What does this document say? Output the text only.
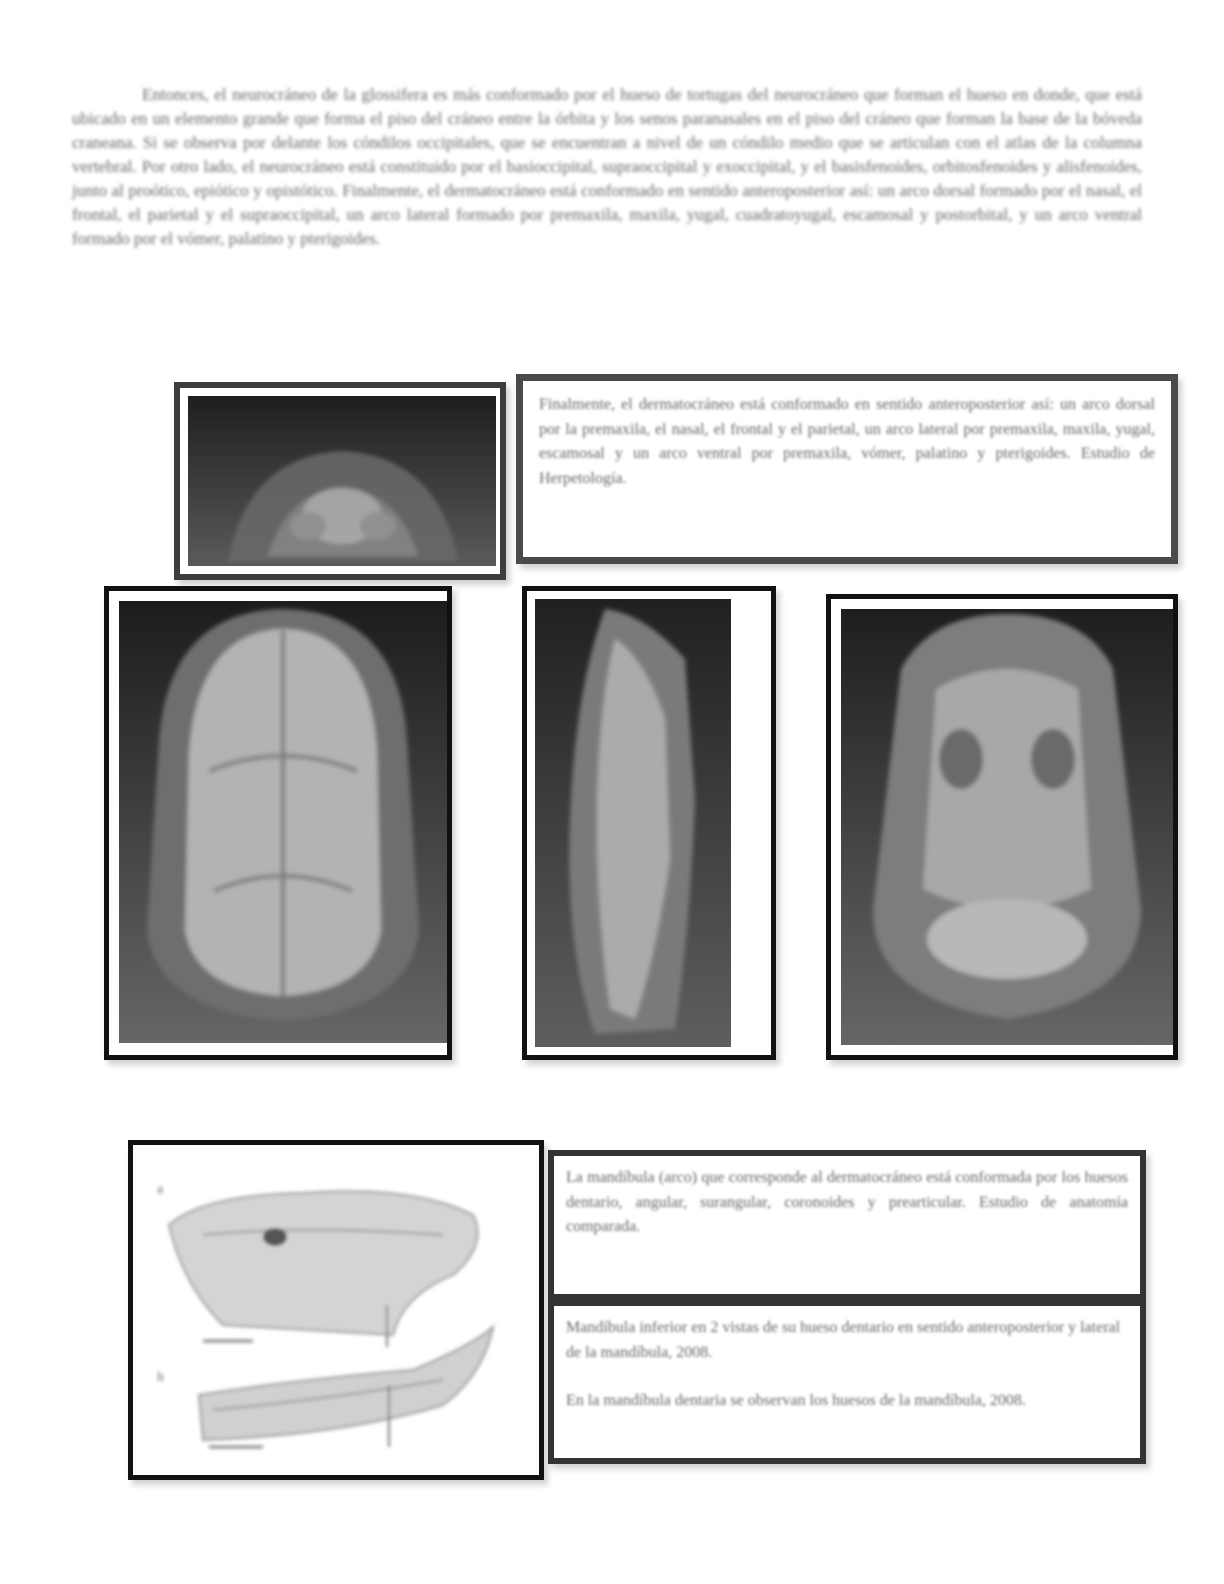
Entonces, el neurocráneo de la glossifera es más conformado por el hueso de tortugas del neurocráneo que forman el hueso en donde, que está ubicado en un elemento grande que forma el piso del cráneo entre la órbita y los senos paranasales en el piso del cráneo que forman la base de la bóveda craneana. Si se observa por delante los cóndilos occipitales, que se encuentran a nivel de un cóndilo medio que se articulan con el atlas de la columna vertebral. Por otro lado, el neurocráneo está constituido por el basioccipital, supraoccipital y exoccipital, y el basisfenoides, orbitosfenoides y alisfenoides, junto al proótico, epiótico y opistótico. Finalmente, el dermatocráneo está conformado en sentido anteroposterior así: un arco dorsal formado por el nasal, el frontal, el parietal y el supraoccipital, un arco lateral formado por premaxila, maxila, yugal, cuadratoyugal, escamosal y postorbital, y un arco ventral formado por el vómer, palatino y pterigoides.

Finalmente, el dermatocráneo está conformado en sentido anteroposterior así: un arco dorsal por la premaxila, el nasal, el frontal y el parietal, un arco lateral por premaxila, maxila, yugal, escamosal y un arco ventral por premaxila, vómer, palatino y pterigoides. Estudio de Herpetología.

a
b

La mandíbula (arco) que corresponde al dermatocráneo está conformada por los huesos dentario, angular, surangular, coronoides y prearticular. Estudio de anatomía comparada.

Mandíbula inferior en 2 vistas de su hueso dentario en sentido anteroposterior y lateral de la mandíbula, 2008.

En la mandíbula dentaria se observan los huesos de la mandíbula, 2008.
